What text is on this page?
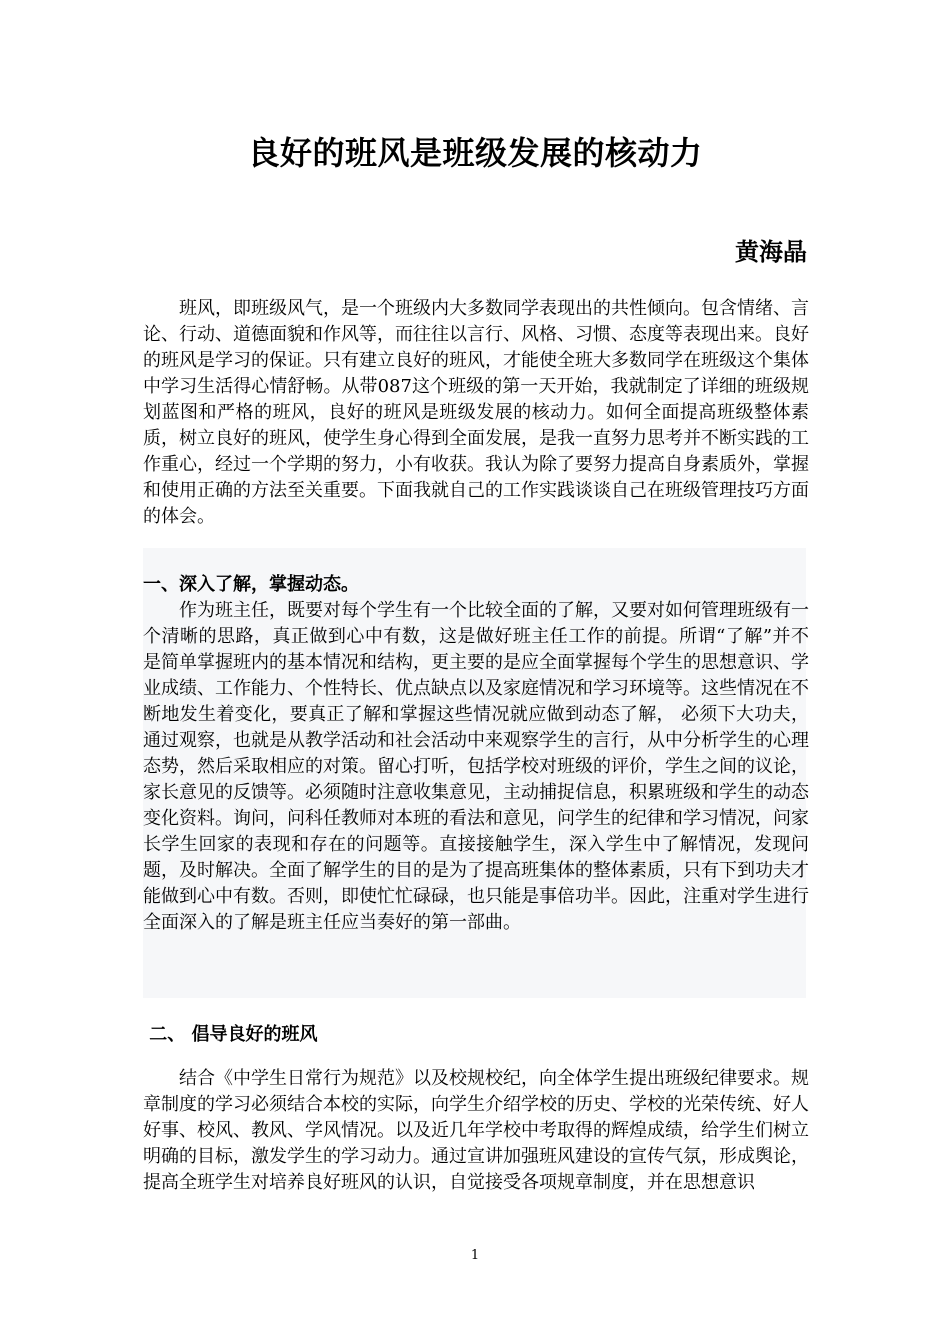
良好的班风是班级发展的核动力
黄海晶

班风，即班级风气，是一个班级内大多数同学表现出的共性倾向。包含情绪、言论、行动、道德面貌和作风等，而往往以言行、风格、习惯、态度等表现出来。良好的班风是学习的保证。只有建立良好的班风，才能使全班大多数同学在班级这个集体中学习生活得心情舒畅。从带087这个班级的第一天开始，我就制定了详细的班级规划蓝图和严格的班风，良好的班风是班级发展的核动力。如何全面提高班级整体素质，树立良好的班风，使学生身心得到全面发展，是我一直努力思考并不断实践的工作重心，经过一个学期的努力，小有收获。我认为除了要努力提高自身素质外，掌握和使用正确的方法至关重要。下面我就自己的工作实践谈谈自己在班级管理技巧方面的体会。

一、深入了解，掌握动态。

作为班主任，既要对每个学生有一个比较全面的了解，又要对如何管理班级有一个清晰的思路，真正做到心中有数，这是做好班主任工作的前提。所谓“了解”并不是简单掌握班内的基本情况和结构，更主要的是应全面掌握每个学生的思想意识、学业成绩、工作能力、个性特长、优点缺点以及家庭情况和学习环境等。这些情况在不断地发生着变化，要真正了解和掌握这些情况就应做到动态了解， 必须下大功夫，通过观察，也就是从教学活动和社会活动中来观察学生的言行，从中分析学生的心理态势，然后采取相应的对策。留心打听，包括学校对班级的评价，学生之间的议论，家长意见的反馈等。必须随时注意收集意见，主动捕捉信息，积累班级和学生的动态变化资料。询问，问科任教师对本班的看法和意见，问学生的纪律和学习情况，问家长学生回家的表现和存在的问题等。直接接触学生，深入学生中了解情况，发现问题，及时解决。全面了解学生的目的是为了提高班集体的整体素质，只有下到功夫才能做到心中有数。否则，即使忙忙碌碌，也只能是事倍功半。因此，注重对学生进行全面深入的了解是班主任应当奏好的第一部曲。

二、 倡导良好的班风

结合《中学生日常行为规范》以及校规校纪，向全体学生提出班级纪律要求。规章制度的学习必须结合本校的实际，向学生介绍学校的历史、学校的光荣传统、好人好事、校风、教风、学风情况。以及近几年学校中考取得的辉煌成绩，给学生们树立明确的目标，激发学生的学习动力。通过宣讲加强班风建设的宣传气氛，形成舆论，提高全班学生对培养良好班风的认识，自觉接受各项规章制度，并在思想意识

1
